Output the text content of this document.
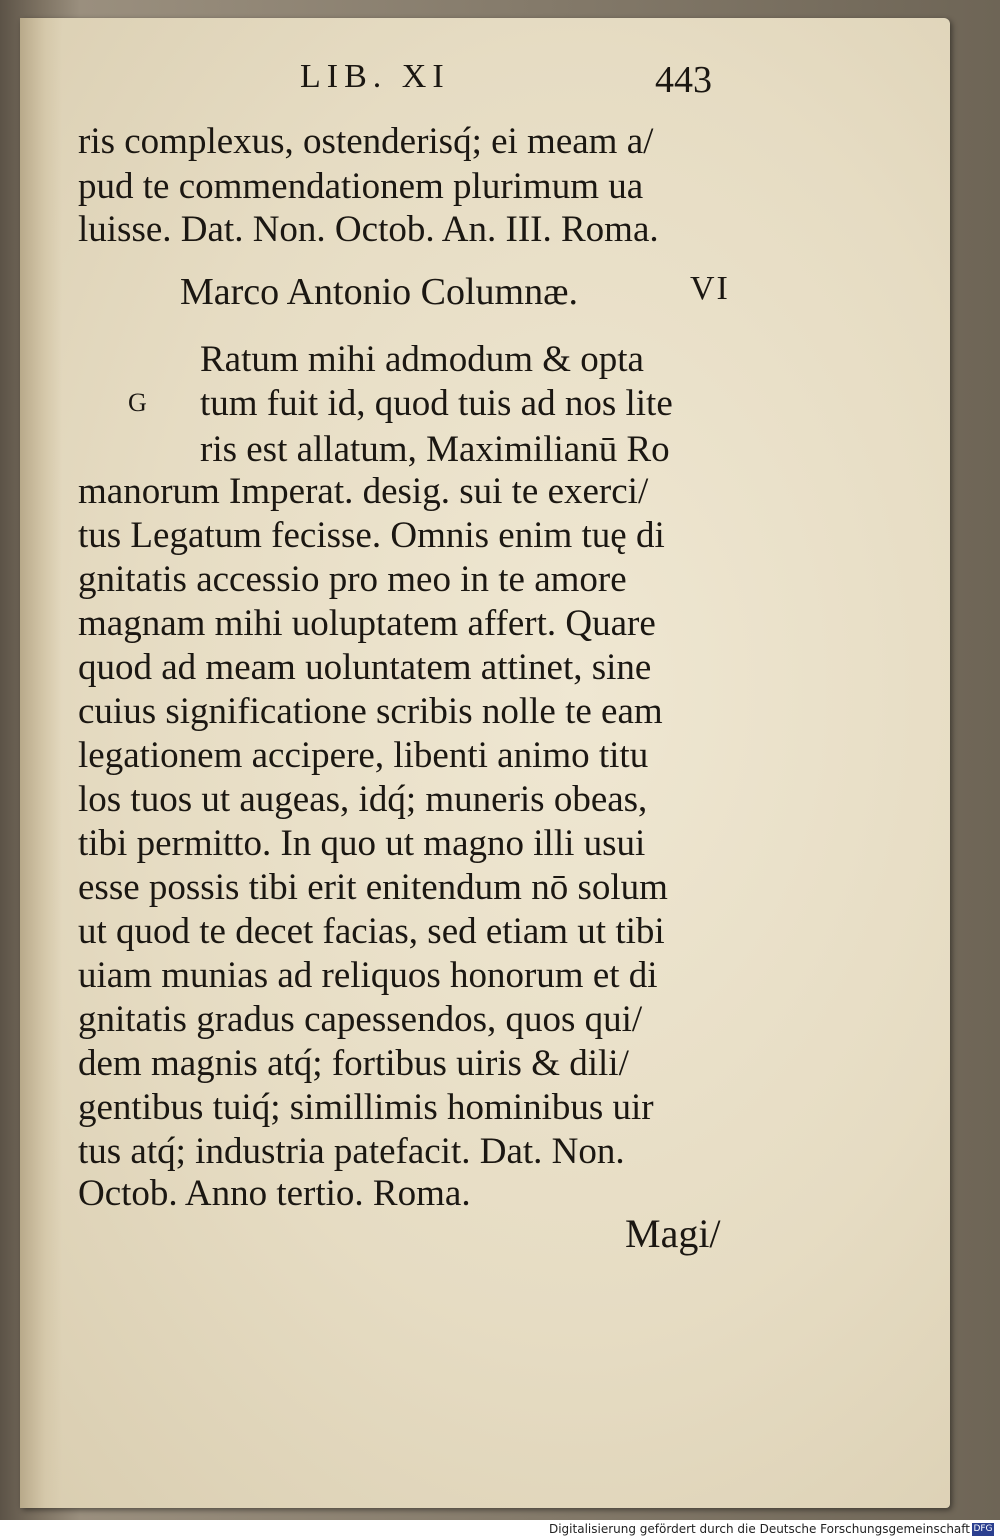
LIB. XI	443
ris complexus, ostenderisq́; ei meam a/
pud te commendationem plurimum ua
luisse. Dat. Non. Octob. An. III. Roma.
Marco Antonio Columnæ.	VI
G
Ratum mihi admodum & opta
tum fuit id, quod tuis ad nos lite
ris est allatum, Maximilianū Ro
manorum Imperat. desig. sui te exerci/
tus Legatum fecisse. Omnis enim tuę di
gnitatis accessio pro meo in te amore
magnam mihi uoluptatem affert. Quare
quod ad meam uoluntatem attinet, sine
cuius significatione scribis nolle te eam
legationem accipere, libenti animo titu
los tuos ut augeas, idq́; muneris obeas,
tibi permitto. In quo ut magno illi usui
esse possis tibi erit enitendum nō solum
ut quod te decet facias, sed etiam ut tibi
uiam munias ad reliquos honorum et di
gnitatis gradus capessendos, quos qui/
dem magnis atq́; fortibus uiris & dili/
gentibus tuiq́; simillimis hominibus uir
tus atq́; industria patefacit. Dat. Non.
Octob. Anno tertio. Roma.
Magi/
Digitalisierung gefördert durch die Deutsche Forschungsgemeinschaft DFG
